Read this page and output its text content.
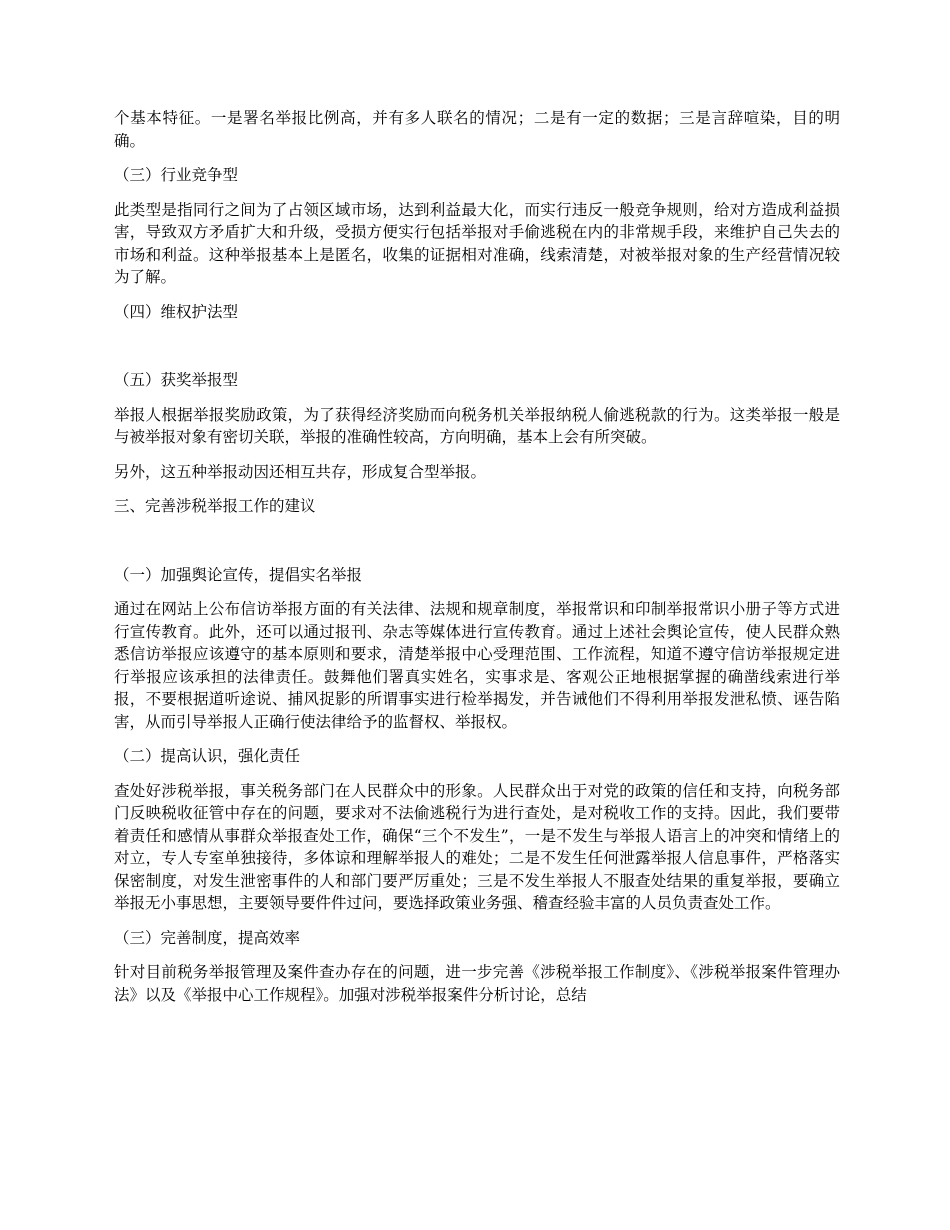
个基本特征。一是署名举报比例高，并有多人联名的情况；二是有一定的数据；三是言辞喧染，目的明确。
（三）行业竞争型
此类型是指同行之间为了占领区域市场，达到利益最大化，而实行违反一般竞争规则，给对方造成利益损害，导致双方矛盾扩大和升级，受损方便实行包括举报对手偷逃税在内的非常规手段，来维护自己失去的市场和利益。这种举报基本上是匿名，收集的证据相对准确，线索清楚，对被举报对象的生产经营情况较为了解。
（四）维权护法型
（五）获奖举报型
举报人根据举报奖励政策，为了获得经济奖励而向税务机关举报纳税人偷逃税款的行为。这类举报一般是与被举报对象有密切关联，举报的准确性较高，方向明确，基本上会有所突破。
另外，这五种举报动因还相互共存，形成复合型举报。
三、完善涉税举报工作的建议
（一）加强舆论宣传，提倡实名举报
通过在网站上公布信访举报方面的有关法律、法规和规章制度，举报常识和印制举报常识小册子等方式进行宣传教育。此外，还可以通过报刊、杂志等媒体进行宣传教育。通过上述社会舆论宣传，使人民群众熟悉信访举报应该遵守的基本原则和要求，清楚举报中心受理范围、工作流程，知道不遵守信访举报规定进行举报应该承担的法律责任。鼓舞他们署真实姓名，实事求是、客观公正地根据掌握的确凿线索进行举报，不要根据道听途说、捕风捉影的所谓事实进行检举揭发，并告诫他们不得利用举报发泄私愤、诬告陷害，从而引导举报人正确行使法律给予的监督权、举报权。
（二）提高认识，强化责任
查处好涉税举报，事关税务部门在人民群众中的形象。人民群众出于对党的政策的信任和支持，向税务部门反映税收征管中存在的问题，要求对不法偷逃税行为进行查处，是对税收工作的支持。因此，我们要带着责任和感情从事群众举报查处工作，确保“三个不发生”，一是不发生与举报人语言上的冲突和情绪上的对立，专人专室单独接待，多体谅和理解举报人的难处；二是不发生任何泄露举报人信息事件，严格落实保密制度，对发生泄密事件的人和部门要严厉重处；三是不发生举报人不服查处结果的重复举报，要确立举报无小事思想，主要领导要件件过问，要选择政策业务强、稽查经验丰富的人员负责查处工作。
（三）完善制度，提高效率
针对目前税务举报管理及案件查办存在的问题，进一步完善《涉税举报工作制度》、《涉税举报案件管理办法》以及《举报中心工作规程》。加强对涉税举报案件分析讨论，总结
